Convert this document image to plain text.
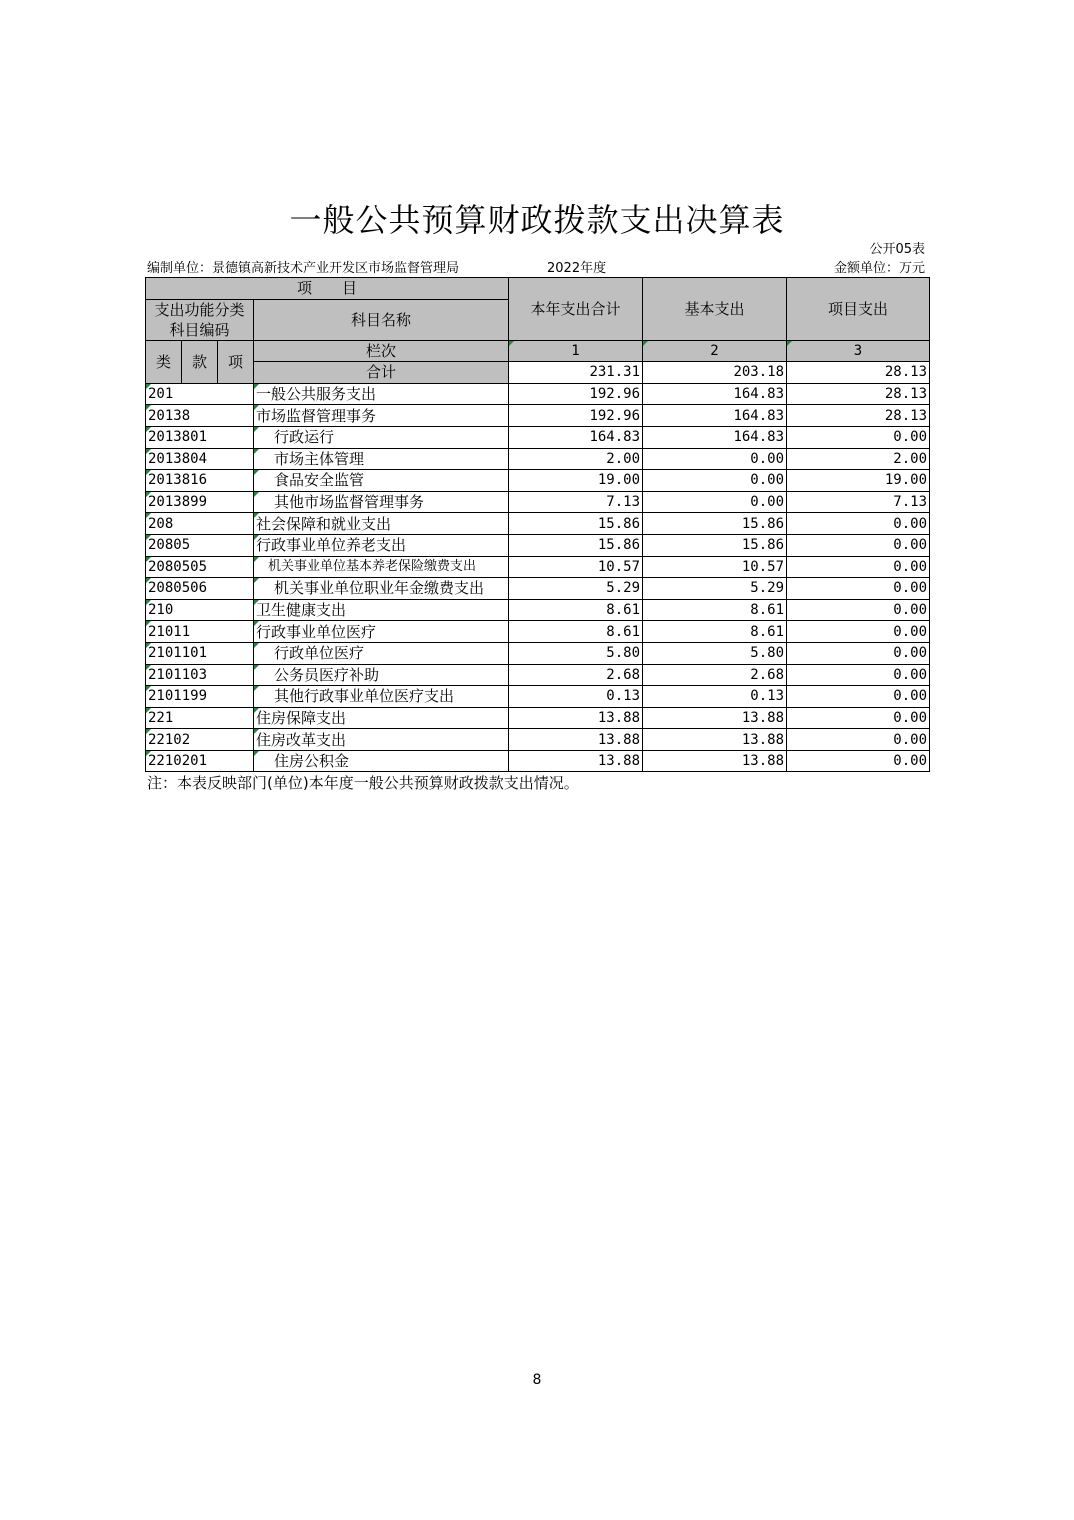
一般公共预算财政拨款支出决算表
公开05表
编制单位：景德镇高新技术产业开发区市场监督管理局	2022年度	金额单位：万元
项　　目				本年支出合计	基本支出	项目支出
支出功能分类
科目编码			科目名称			

类	款	项	栏次	1	2	3
			合计	231.31	203.18	28.13
201			一般公共服务支出	192.96	164.83	28.13
20138			市场监督管理事务	192.96	164.83	28.13
2013801			行政运行	164.83	164.83	0.00
2013804			市场主体管理	2.00	0.00	2.00
2013816			食品安全监管	19.00	0.00	19.00
2013899			其他市场监督管理事务	7.13	0.00	7.13
208			社会保障和就业支出	15.86	15.86	0.00
20805			行政事业单位养老支出	15.86	15.86	0.00
2080505			机关事业单位基本养老保险缴费支出	10.57	10.57	0.00
2080506			机关事业单位职业年金缴费支出	5.29	5.29	0.00
210			卫生健康支出	8.61	8.61	0.00
21011			行政事业单位医疗	8.61	8.61	0.00
2101101			行政单位医疗	5.80	5.80	0.00
2101103			公务员医疗补助	2.68	2.68	0.00
2101199			其他行政事业单位医疗支出	0.13	0.13	0.00
221			住房保障支出	13.88	13.88	0.00
22102			住房改革支出	13.88	13.88	0.00
2210201			住房公积金	13.88	13.88	0.00
注：本表反映部门(单位)本年度一般公共预算财政拨款支出情况。
8
